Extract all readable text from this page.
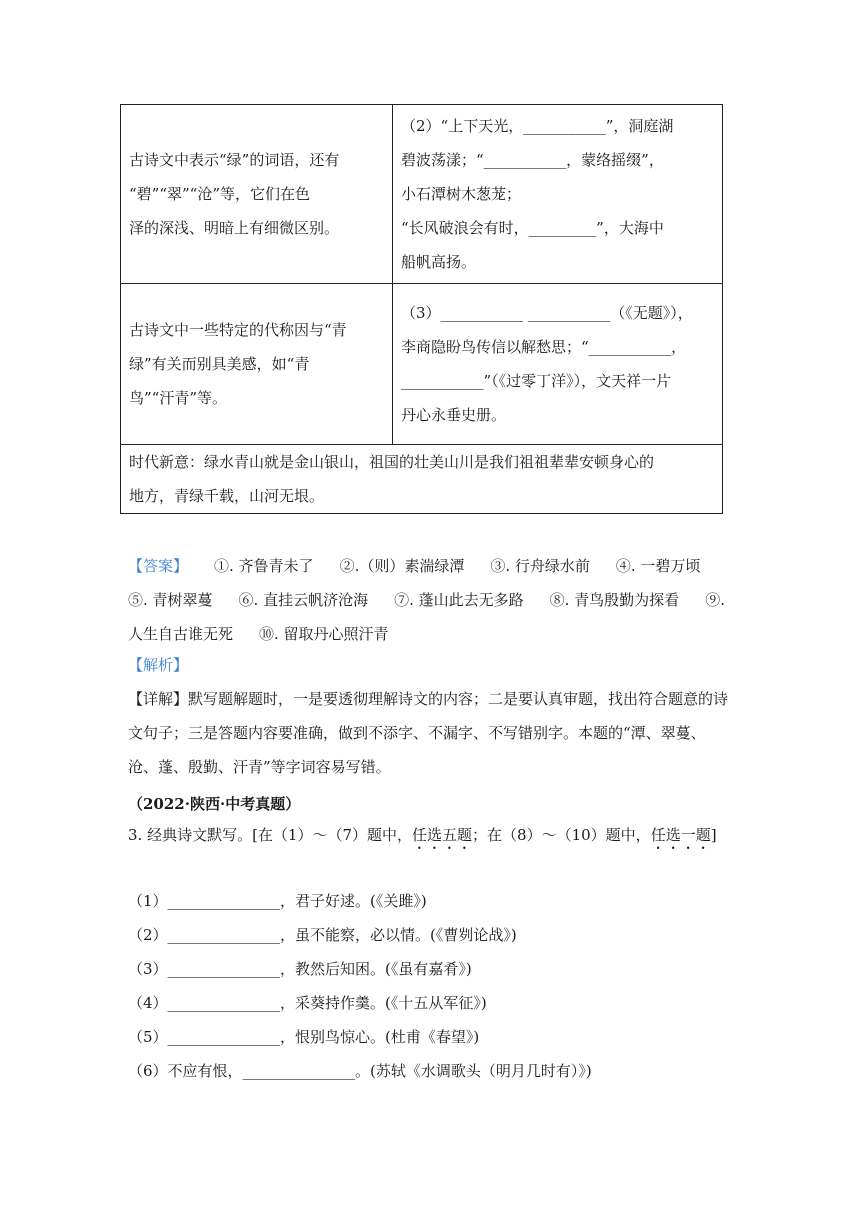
古诗文中表示“绿”的词语，还有
“碧”“翠”“沧”等，它们在色
泽的深浅、明暗上有细微区别。	（2）“上下天光，___________”，洞庭湖
碧波荡漾；“___________，蒙络摇缀”，
小石潭树木葱茏；
“长风破浪会有时，_________”，大海中
船帆高扬。

古诗文中一些特定的代称因与“青
绿”有关而别具美感，如“青
鸟”“汗青”等。	（3）___________ ___________（《无题》），
李商隐盼鸟传信以解愁思；“___________，
___________”（《过零丁洋》），文天祥一片
丹心永垂史册。

时代新意：绿水青山就是金山银山，祖国的壮美山川是我们祖祖辈辈安顿身心的
地方，青绿千载，山河无垠。	
【答案】 ①. 齐鲁青未了 ②.（则）素湍绿潭 ③. 行舟绿水前 ④. 一碧万顷⑤. 青树翠蔓 ⑥. 直挂云帆济沧海 ⑦. 蓬山此去无多路 ⑧. 青鸟殷勤为探看 ⑨. 人生自古谁无死 ⑩. 留取丹心照汗青
【解析】
【详解】默写题解题时，一是要透彻理解诗文的内容；二是要认真审题，找出符合题意的诗文句子；三是答题内容要准确，做到不添字、不漏字、不写错别字。本题的“潭、翠蔓、沧、蓬、殷勤、汗青”等字词容易写错。
（2022·陕西·中考真题）
3. 经典诗文默写。[在（1）～（7）题中，任选五题；在（8）～（10）题中，任选一题]
（1）_______________，君子好逑。(《关雎》)
（2）_______________，虽不能察，必以情。(《曹刿论战》)
（3）_______________，教然后知困。(《虽有嘉肴》)
（4）_______________，采葵持作羹。(《十五从军征》)
（5）_______________，恨别鸟惊心。(杜甫《春望》)
（6）不应有恨，_______________。(苏轼《水调歌头（明月几时有）》)
